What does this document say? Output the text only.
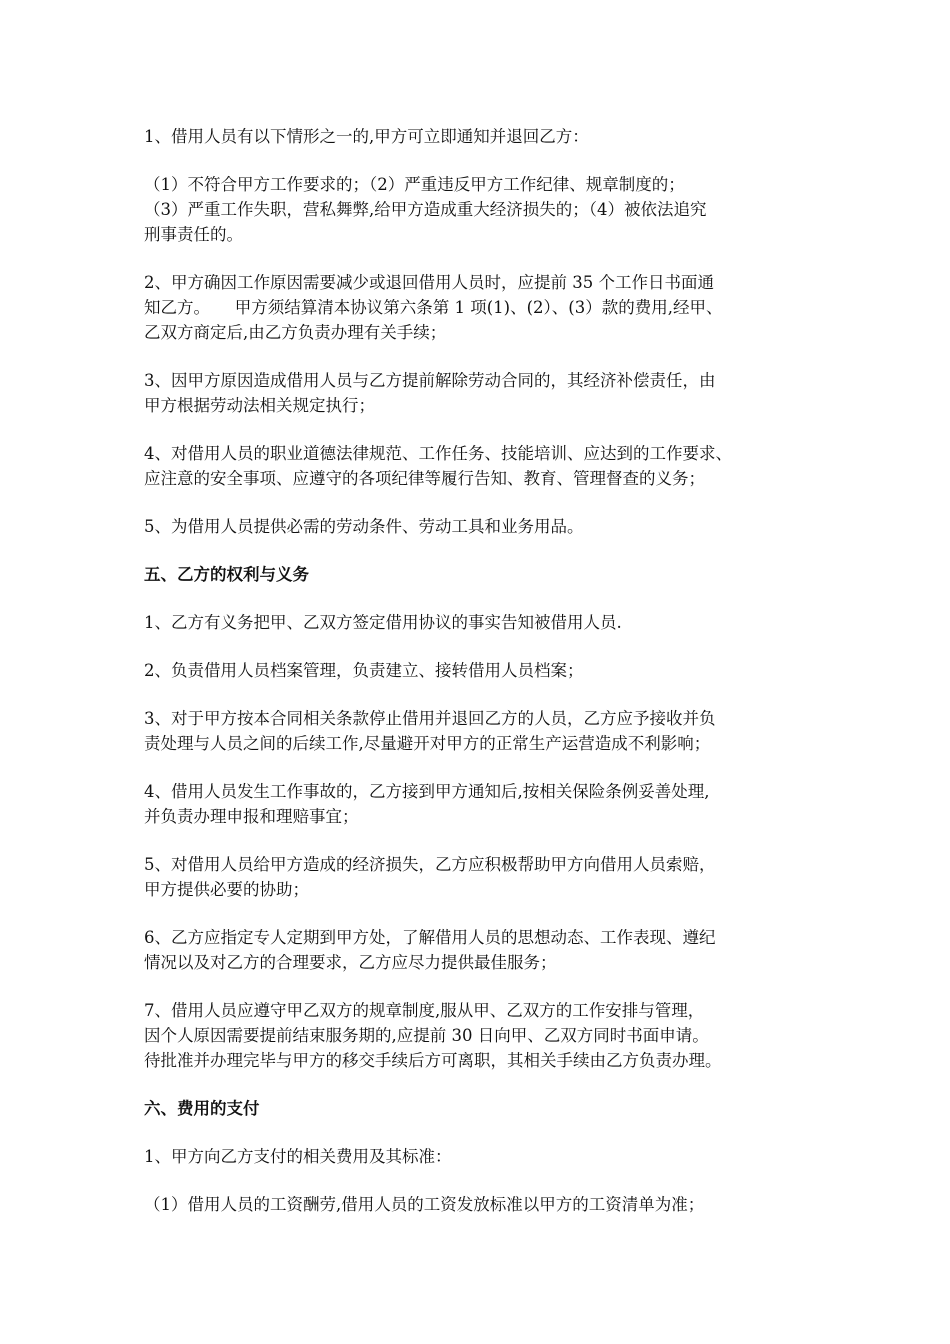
1、借用人员有以下情形之一的,甲方可立即通知并退回乙方：
（1）不符合甲方工作要求的；（2）严重违反甲方工作纪律、规章制度的；
（3）严重工作失职，营私舞弊,给甲方造成重大经济损失的；（4）被依法追究
刑事责任的。
2、甲方确因工作原因需要减少或退回借用人员时，应提前 35 个工作日书面通
知乙方。　　甲方须结算清本协议第六条第 1 项(1)、(2）、(3）款的费用,经甲、
乙双方商定后,由乙方负责办理有关手续；
3、因甲方原因造成借用人员与乙方提前解除劳动合同的，其经济补偿责任，由
甲方根据劳动法相关规定执行；
4、对借用人员的职业道德法律规范、工作任务、技能培训、应达到的工作要求、
应注意的安全事项、应遵守的各项纪律等履行告知、教育、管理督查的义务；
5、为借用人员提供必需的劳动条件、劳动工具和业务用品。
五、乙方的权利与义务
1、乙方有义务把甲、乙双方签定借用协议的事实告知被借用人员.
2、负责借用人员档案管理，负责建立、接转借用人员档案；
3、对于甲方按本合同相关条款停止借用并退回乙方的人员，乙方应予接收并负
责处理与人员之间的后续工作,尽量避开对甲方的正常生产运营造成不利影响；
4、借用人员发生工作事故的，乙方接到甲方通知后,按相关保险条例妥善处理,
并负责办理申报和理赔事宜；
5、对借用人员给甲方造成的经济损失，乙方应积极帮助甲方向借用人员索赔，
甲方提供必要的协助；
6、乙方应指定专人定期到甲方处，了解借用人员的思想动态、工作表现、遵纪
情况以及对乙方的合理要求，乙方应尽力提供最佳服务；
7、借用人员应遵守甲乙双方的规章制度,服从甲、乙双方的工作安排与管理，
因个人原因需要提前结束服务期的,应提前 30 日向甲、乙双方同时书面申请。
待批准并办理完毕与甲方的移交手续后方可离职，其相关手续由乙方负责办理。
六、费用的支付
1、甲方向乙方支付的相关费用及其标准：
（1）借用人员的工资酬劳,借用人员的工资发放标准以甲方的工资清单为准；
